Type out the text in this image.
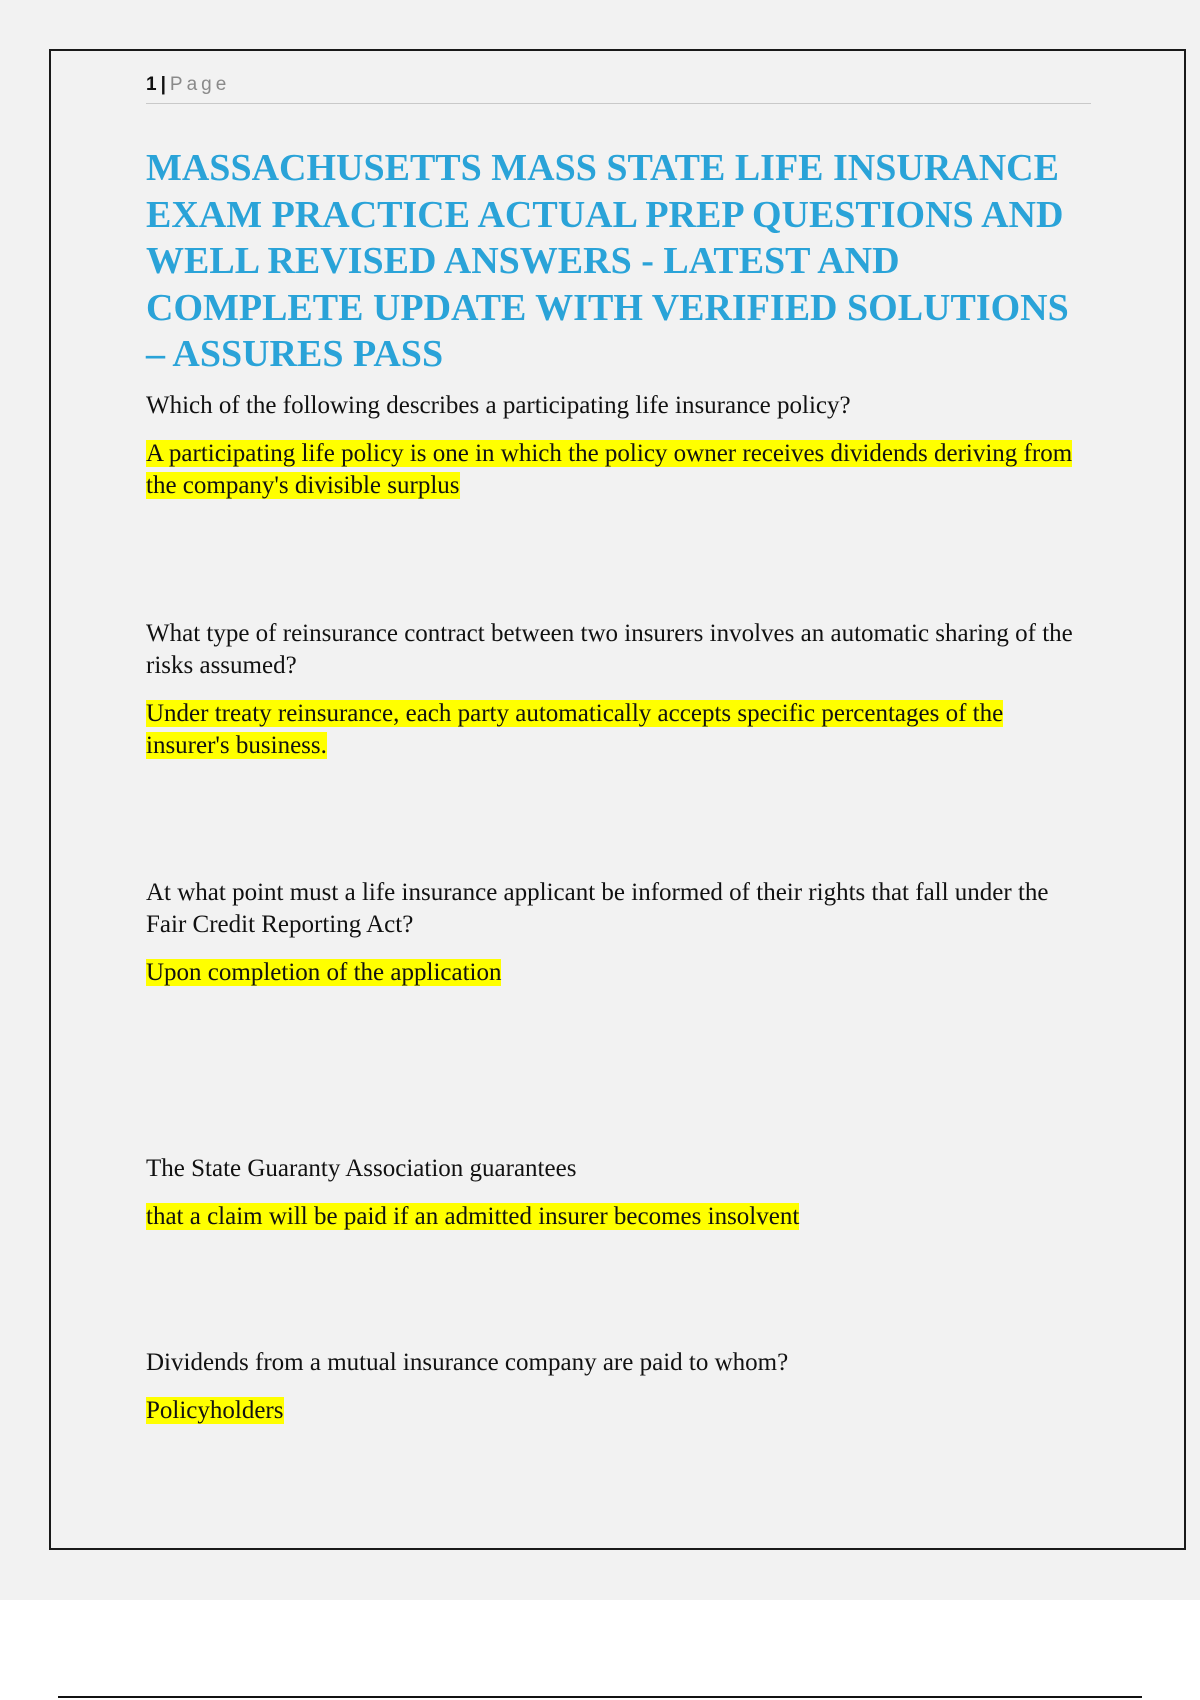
1 | Page
MASSACHUSETTS MASS STATE LIFE INSURANCE EXAM PRACTICE ACTUAL PREP QUESTIONS AND WELL REVISED ANSWERS - LATEST AND COMPLETE UPDATE WITH VERIFIED SOLUTIONS – ASSURES PASS

Which of the following describes a participating life insurance policy?

A participating life policy is one in which the policy owner receives dividends deriving from the company's divisible surplus

What type of reinsurance contract between two insurers involves an automatic sharing of the risks assumed?

Under treaty reinsurance, each party automatically accepts specific percentages of the insurer's business.

At what point must a life insurance applicant be informed of their rights that fall under the Fair Credit Reporting Act?

Upon completion of the application

The State Guaranty Association guarantees

that a claim will be paid if an admitted insurer becomes insolvent

Dividends from a mutual insurance company are paid to whom?

Policyholders
